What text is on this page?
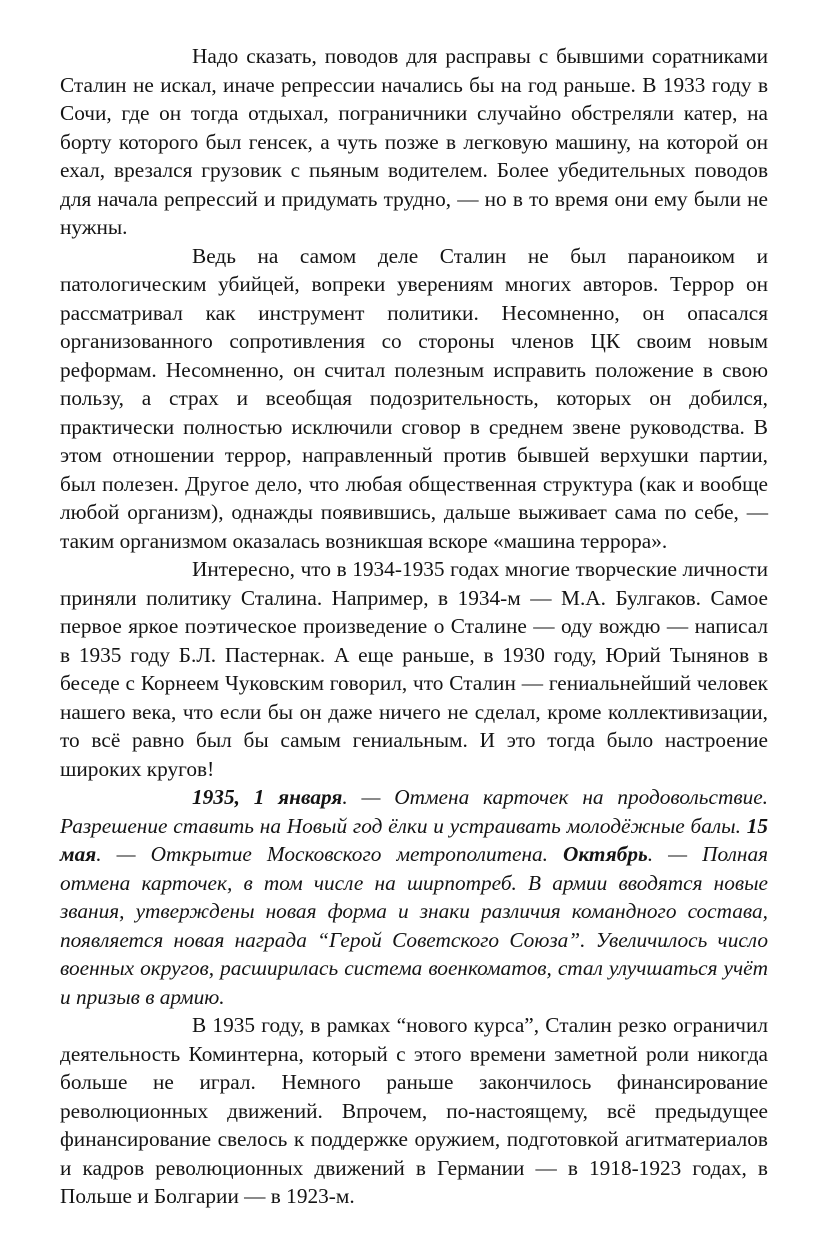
Надо сказать, поводов для расправы с бывшими соратниками Сталин не искал, иначе репрессии начались бы на год раньше. В 1933 году в Сочи, где он тогда отдыхал, пограничники случайно обстреляли катер, на борту которого был генсек, а чуть позже в легковую машину, на которой он ехал, врезался грузовик с пьяным водителем. Более убедительных поводов для начала репрессий и придумать трудно, — но в то время они ему были не нужны.

Ведь на самом деле Сталин не был параноиком и патологическим убийцей, вопреки уверениям многих авторов. Террор он рассматривал как инструмент политики. Несомненно, он опасался организованного сопротивления со стороны членов ЦК своим новым реформам. Несомненно, он считал полезным исправить положение в свою пользу, а страх и всеобщая подозрительность, которых он добился, практически полностью исключили сговор в среднем звене руководства. В этом отношении террор, направленный против бывшей верхушки партии, был полезен. Другое дело, что любая общественная структура (как и вообще любой организм), однажды появившись, дальше выживает сама по себе, — таким организмом оказалась возникшая вскоре «машина террора».

Интересно, что в 1934-1935 годах многие творческие личности приняли политику Сталина. Например, в 1934-м — М.А. Булгаков. Самое первое яркое поэтическое произведение о Сталине — оду вождю — написал в 1935 году Б.Л. Пастернак. А еще раньше, в 1930 году, Юрий Тынянов в беседе с Корнеем Чуковским говорил, что Сталин — гениальнейший человек нашего века, что если бы он даже ничего не сделал, кроме коллективизации, то всё равно был бы самым гениальным. И это тогда было настроение широких кругов!

1935, 1 января. — Отмена карточек на продовольствие. Разрешение ставить на Новый год ёлки и устраивать молодёжные балы. 15 мая. — Открытие Московского метрополитена. Октябрь. — Полная отмена карточек, в том числе на ширпотреб. В армии вводятся новые звания, утверждены новая форма и знаки различия командного состава, появляется новая награда “Герой Советского Союза”. Увеличилось число военных округов, расширилась система военкоматов, стал улучшаться учёт и призыв в армию.

В 1935 году, в рамках “нового курса”, Сталин резко ограничил деятельность Коминтерна, который с этого времени заметной роли никогда больше не играл. Немного раньше закончилось финансирование революционных движений. Впрочем, по-настоящему, всё предыдущее финансирование свелось к поддержке оружием, подготовкой агитматериалов и кадров революционных движений в Германии — в 1918-1923 годах, в Польше и Болгарии — в 1923-м.
